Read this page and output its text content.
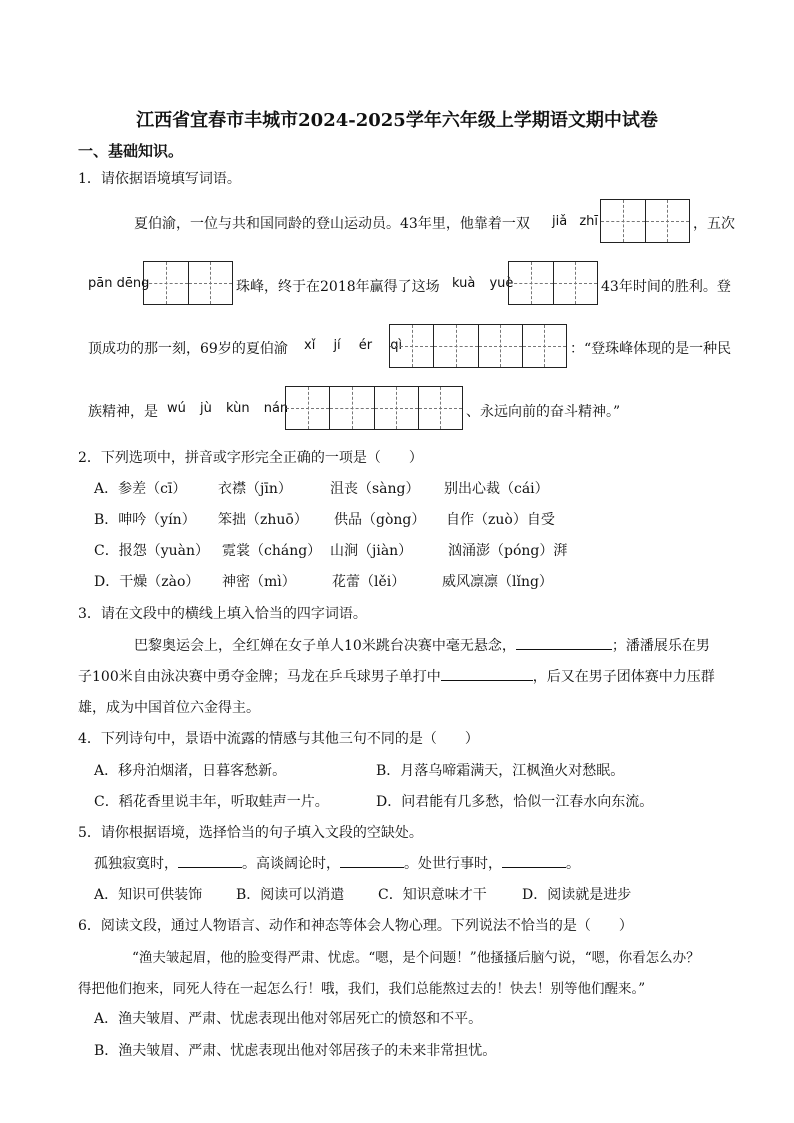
江西省宜春市丰城市2024-2025学年六年级上学期语文期中试卷
一、基础知识。
1．请依据语境填写词语。
夏伯渝，一位与共和国同龄的登山运动员。43年里，他靠着一双 jiǎ zhī	，五次
pān dēng	珠峰，终于在2018年赢得了这场 kuà yuè	43年时间的胜利。登
顶成功的那一刻，69岁的夏伯渝 xǐ jí ér qì	：“登珠峰体现的是一种民
族精神，是 wú jù kùn nán	、永远向前的奋斗精神。”
2．下列选项中，拼音或字形完全正确的一项是（　　）
A．参差（cī） 衣襟（jīn）	沮丧（sàng） 别出心裁（cái）
B．呻吟（yín） 笨拙（zhuō） 供品（gòng） 自作（zuò）自受
C．报怨（yuàn） 霓裳（cháng） 山涧（jiàn）	汹涌澎（póng）湃
D．干燥（zào） 神密（mì）	花蕾（lěi）	威风凛凛（lǐng）
3．请在文段中的横线上填入恰当的四字词语。
巴黎奥运会上，全红婵在女子单人10米跳台决赛中毫无悬念，	；潘潘展乐在男
子100米自由泳决赛中勇夺金牌；马龙在乒乓球男子单打中	，后又在男子团体赛中力压群
雄，成为中国首位六金得主。
4．下列诗句中，景语中流露的情感与其他三句不同的是（　　）
A．移舟泊烟渚，日暮客愁新。	B．月落乌啼霜满天，江枫渔火对愁眠。
C．稻花香里说丰年，听取蛙声一片。	D．问君能有几多愁，恰似一江春水向东流。
5．请你根据语境，选择恰当的句子填入文段的空缺处。
孤独寂寞时，	。高谈阔论时，	。处世行事时，	。
A．知识可供装饰 B．阅读可以消遣 C．知识意味才干	D．阅读就是进步
6．阅读文段，通过人物语言、动作和神态等体会人物心理。下列说法不恰当的是（　　）
“渔夫皱起眉，他的脸变得严肃、忧虑。“嗯，是个问题！”他搔搔后脑勺说，“嗯，你看怎么办？
得把他们抱来，同死人待在一起怎么行！哦，我们，我们总能熬过去的！快去！别等他们醒来。”
A．渔夫皱眉、严肃、忧虑表现出他对邻居死亡的愤怒和不平。
B．渔夫皱眉、严肃、忧虑表现出他对邻居孩子的未来非常担忧。
